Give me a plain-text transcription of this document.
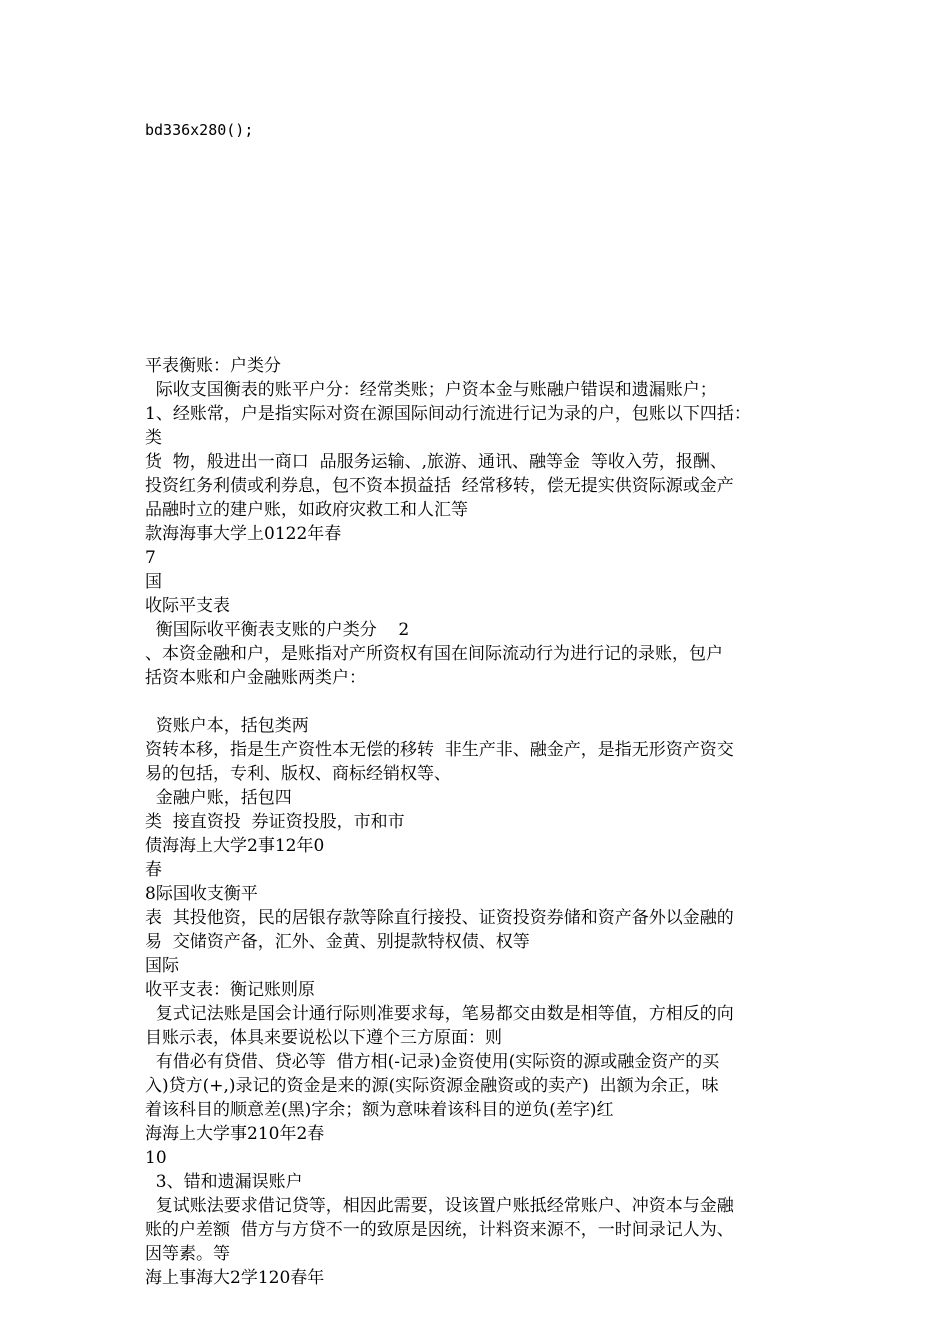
bd336x280();
平表衡账：户类分
际收支国衡表的账平户分：经常类账；户资本金与账融户错误和遗漏账户；
1、经账常，户是指实际对资在源国际间动行流进行记为录的户，包账以下四括：
类
货  物，般进出一商口  品服务运输、,旅游、通讯、融等金  等收入劳，报酬、
投资红务利债或利券息，包不资本损益括  经常移转，偿无提实供资际源或金产
品融时立的建户账，如政府灾救工和人汇等
款海海事大学上0122年春
7
国
收际平支表
衡国际收平衡表支账的户类分    2
、本资金融和户，是账指对产所资权有国在间际流动行为进行记的录账，包户
括资本账和户金融账两类户：
资账户本，括包类两
资转本移，指是生产资性本无偿的移转  非生产非、融金产，是指无形资产资交
易的包括，专利、版权、商标经销权等、
金融户账，括包四
类  接直资投  券证资投股，市和市
债海海上大学2事12年0
春
8际国收支衡平
表  其投他资，民的居银存款等除直行接投、证资投资券储和资产备外以金融的
易  交储资产备，汇外、金黄、别提款特权债、权等
国际
收平支表：衡记账则原
复式记法账是国会计通行际则准要求每，笔易都交由数是相等值，方相反的向
目账示表，体具来要说松以下遵个三方原面：则
有借必有贷借、贷必等  借方相(-记录)金资使用(实际资的源或融金资产的买
入)贷方(+,)录记的资金是来的源(实际资源金融资或的卖产)  出额为余正，味
着该科目的顺意差(黑)字余；额为意味着该科目的逆负(差字)红
海海上大学事210年2春
10
3、错和遗漏误账户
复试账法要求借记贷等，相因此需要，设该置户账抵经常账户、冲资本与金融
账的户差额  借方与方贷不一的致原是因统，计料资来源不，一时间录记人为、
因等素。等
海上事海大2学120春年
